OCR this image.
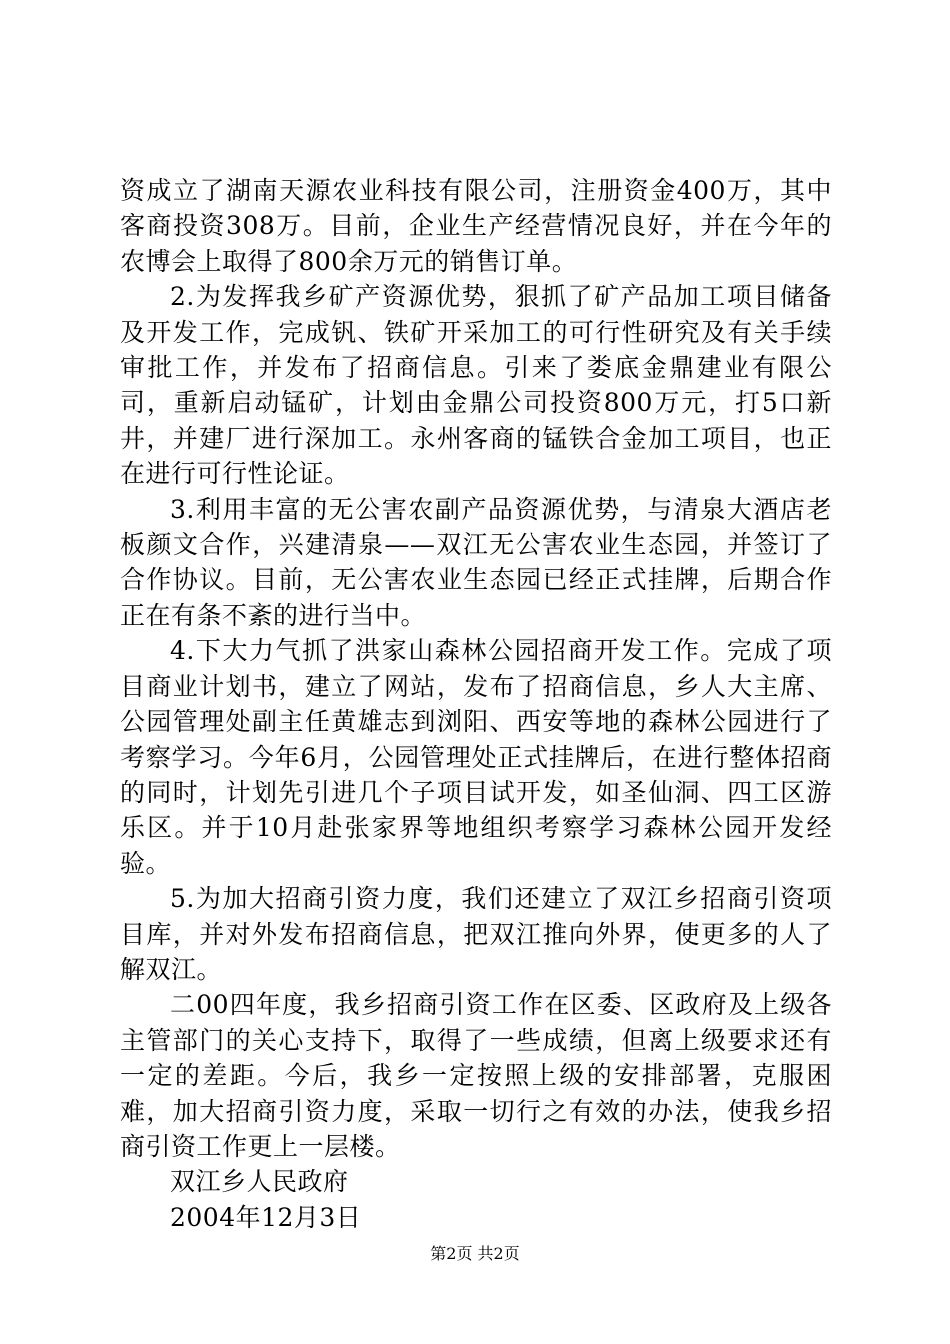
资成立了湖南天源农业科技有限公司，注册资金400万，其中客商投资308万。目前，企业生产经营情况良好，并在今年的农博会上取得了800余万元的销售订单。

2.为发挥我乡矿产资源优势，狠抓了矿产品加工项目储备及开发工作，完成钒、铁矿开采加工的可行性研究及有关手续审批工作，并发布了招商信息。引来了娄底金鼎建业有限公司，重新启动锰矿，计划由金鼎公司投资800万元，打5口新井，并建厂进行深加工。永州客商的锰铁合金加工项目，也正在进行可行性论证。

3.利用丰富的无公害农副产品资源优势，与清泉大酒店老板颜文合作，兴建清泉——双江无公害农业生态园，并签订了合作协议。目前，无公害农业生态园已经正式挂牌，后期合作正在有条不紊的进行当中。

4.下大力气抓了洪家山森林公园招商开发工作。完成了项目商业计划书，建立了网站，发布了招商信息，乡人大主席、公园管理处副主任黄雄志到浏阳、西安等地的森林公园进行了考察学习。今年6月，公园管理处正式挂牌后，在进行整体招商的同时，计划先引进几个子项目试开发，如圣仙洞、四工区游乐区。并于10月赴张家界等地组织考察学习森林公园开发经验。

5.为加大招商引资力度，我们还建立了双江乡招商引资项目库，并对外发布招商信息，把双江推向外界，使更多的人了解双江。

二00四年度，我乡招商引资工作在区委、区政府及上级各主管部门的关心支持下，取得了一些成绩，但离上级要求还有一定的差距。今后，我乡一定按照上级的安排部署，克服困难，加大招商引资力度，采取一切行之有效的办法，使我乡招商引资工作更上一层楼。

双江乡人民政府

2004年12月3日

第2页 共2页
